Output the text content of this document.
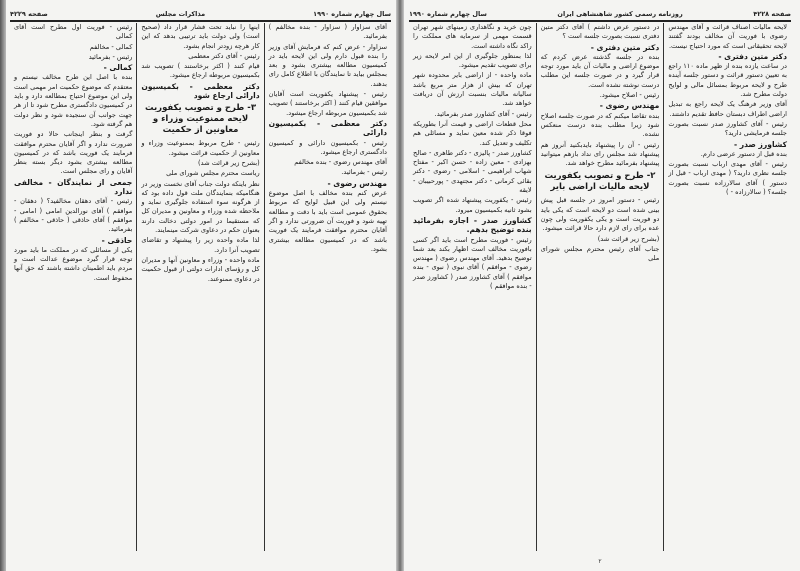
سال چهارم شماره ۱۹۹۰
مذاکرات مجلس
صفحه ۴۲۲۹

آقای سزاوار ( سزاوار - بنده مخالفم ) بفرمائید.

سزاوار - عرض کنم که فرمایش آقای وزیر را بنده قبول دارم ولی این لایحه باید در کمیسیون مطالعه بیشتری بشود و بعد بمجلس بیاید تا نمایندگان با اطلاع کامل رای بدهند.

رئیس - پیشنهاد یکفوریت است آقایان موافقین قیام کنند ( اکثر برخاستند ) تصویب شد بکمیسیون مربوطه ارجاع میشود.

دکتر معظمی - بکمیسیون دارائی

رئیس - بکمیسیون دارائی و کمیسیون دادگستری ارجاع میشود.

آقای مهندس رضوی - بنده مخالفم

رئیس - بفرمائید.

مهندس رضوی -

عرض کنم بنده مخالف با اصل موضوع نیستم ولی این قبیل لوایح که مربوط بحقوق عمومی است باید با دقت و مطالعه تهیه شود و فوریت آن ضرورتی ندارد و اگر آقایان محترم موافقت فرمایند یک فوریت باشد که در کمیسیون مطالعه بیشتری بشود.

اینها را نباید تحت فشار قرار داد (صحیح است) ولی دولت باید ترتیبی بدهد که این کار هرچه زودتر انجام بشود.

رئیس - آقای دکتر معظمی

قیام کنند ( اکثر برخاستند ) تصویب شد بکمیسیون مربوطه ارجاع میشود.

دکتر معظمی - بکمیسیون دارائی ارجاع شود

۳- طرح و تصویب یکفوریت لایحه ممنوعیت وزراء و معاونین از حکمیت

رئیس - طرح مربوط بممنوعیت وزراء و معاونین از حکمیت قرائت میشود.

(بشرح زیر قرائت شد)

ریاست محترم مجلس شورای ملی

نظر باینکه دولت جناب آقای نخست وزیر در هنگامیکه بنمایندگان ملت قول داده بود که از هرگونه سوء استفاده جلوگیری نماید و ملاحظه شده وزراء و معاونین و مدیران کل که مستقیما در امور دولتی دخالت دارند بعنوان حکم در دعاوی شرکت مینمایند.

لذا ماده واحده زیر را پیشنهاد و تقاضای تصویب آنرا دارد.

ماده واحده - وزراء و معاونین آنها و مدیران کل و رؤسای ادارات دولتی از قبول حکمیت در دعاوی ممنوعند.

رئیس - فوریت اول مطرح است آقای کمالی

کمالی - مخالفم

رئیس - بفرمائید

کمالی -

بنده با اصل این طرح مخالف نیستم و معتقدم که موضوع حکمیت امر مهمی است ولی این موضوع احتیاج بمطالعه دارد و باید در کمیسیون دادگستری مطرح شود تا از هر جهت جوانب آن سنجیده شود و نظر دولت هم گرفته شود.

گرفت و بنظر اینجانب حالا دو فوریت ضرورت ندارد و اگر آقایان محترم موافقت فرمایند یک فوریت باشد که در کمیسیون مطالعه بیشتری بشود دیگر بسته بنظر آقایان و رای مجلس است.

جمعی از نمایندگان - مخالفی ندارد

رئیس - آقای دهقان مخالفید؟ ( دهقان - موافقم ) آقای نورالدین امامی ( امامی - موافقم ) آقای حاذقی ( حاذقی - مخالفم ) بفرمائید.

حاذقی -

یکی از مسائلی که در مملکت ما باید مورد توجه قرار گیرد موضوع عدالت است و مردم باید اطمینان داشته باشند که حق آنها محفوظ است.

صفحه ۴۲۲۸
روزنامه رسمی کشور شاهنشاهی ایران
سال چهارم شماره ۱۹۹۰

لایحه مالیات اصناف قرائت و آقای مهندس رضوی با فوریت آن مخالف بودند گفتند لایحه تحقیقاتی است که مورد احتیاج نیست.

دکتر متین دفتری -

در ساعت یازده بنده از ظهر ماده ۱۱۰ راجع به تعیین دستور قرائت و دستور جلسه آینده طرح و لایحه مربوط بمسائل مالی و لوایح دولت مطرح شد.

آقای وزیر فرهنگ یک لایحه راجع به تبدیل اراضی اطراف دبستان حافظ تقدیم داشتند.

رئیس - آقای کشاورز صدر نسبت بصورت جلسه فرمایشی دارید؟

کشاورز صدر -

بنده قبل از دستور عرضی دارم.

رئیس - آقای مهدی ارباب نسبت بصورت جلسه نظری دارید؟ ( مهدی ارباب - قبل از دستور ) آقای سالارزاده نسبت بصورت جلسه؟ ( سالارزاده - )

در دستور عرض داشتم ) آقای دکتر متین دفتری نسبت بصورت جلسه است ؟

دکتر متین دفتری -

بنده در جلسه گذشته عرض کردم که موضوع اراضی و مالیات آن باید مورد توجه قرار گیرد و در صورت جلسه این مطلب درست نوشته نشده است.

رئیس - اصلاح میشود.

مهندس رضوی -

بنده تقاضا میکنم که در صورت جلسه اصلاح شود زیرا مطلب بنده درست منعکس نشده.

رئیس - آن را پیشنهاد بایدبکنید آنروز هم پیشنهاد شد مجلس رای نداد بازهم میتوانید پیشنهاد بفرمائید مطرح خواهد شد.

۲- طرح و تصویب یکفوریت لایحه مالیات اراضی بایر

رئیس - دستور امروز در جلسه قبل پیش بینی شده است دو لایحه است که یکی باید دو فوریت است و یکی یکفوریت ولی چون عده برای رای لازم دارد حالا قرائت میشود.

(بشرح زیر قرائت شد)

جناب آقای رئیس محترم مجلس شورای ملی

چون خرید و نگاهداری زمینهای شهر تهران قسمت مهمی از سرمایه های مملکت را راکد نگاه داشته است.

لذا بمنظور جلوگیری از این امر لایحه زیر برای تصویب تقدیم میشود.

ماده واحده - از اراضی بایر محدوده شهر تهران که بیش از هزار متر مربع باشد سالیانه مالیات بنسبت ارزش آن دریافت خواهد شد.

رئیس - آقای کشاورز صدر بفرمائید.

محل قطعات اراضی و قیمت آنرا بطوریکه فوقا ذکر شده معین نماید و مسائلی هم تکلیف و تعدیل کند.

کشاورز صدر - پالیزی - دکتر طاهری - صالح بهزادی - معین زاده - حسن اکبر - مفتاح شهاب ابراهیمی - اسلامی - رضوی - دکتر بقائی کرمانی - دکتر مجتهدی - پورحبیبان - لایقه

رئیس - یکفوریت پیشنهاد شده اگر تصویب بشود ثانیه بکمیسیون میرود.

کشاورز صدر - اجازه بفرمائید بنده توضیح بدهم.

رئیس - فوریت مطرح است باید اگر کسی بافوریت مخالف است اظهار بکند بعد شما توضیح بدهید. آقای مهندس رضوی ( مهندس رضوی - موافقم ) آقای نبوی ( نبوی - بنده موافقم ) آقای کشاورز صدر ( کشاورز صدر - بنده موافقم )

۲
